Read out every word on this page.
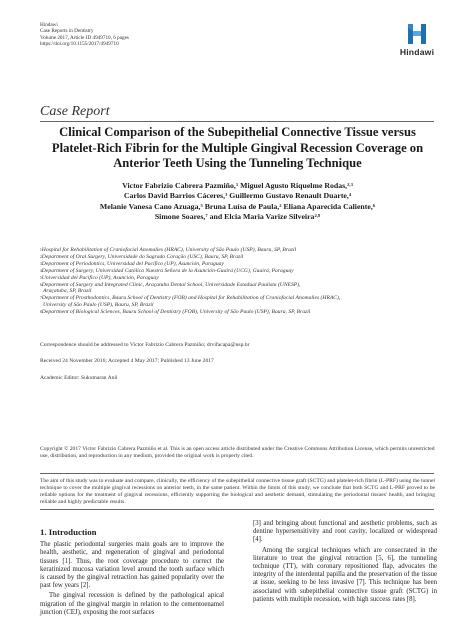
Hindawi
Case Reports in Dentistry
Volume 2017, Article ID 4949710, 6 pages
https://doi.org/10.1155/2017/4949710
Hindawi
Case Report
Clinical Comparison of the Subepithelial Connective Tissue versus Platelet-Rich Fibrin for the Multiple Gingival Recession Coverage on Anterior Teeth Using the Tunneling Technique
Victor Fabrizio Cabrera Pazmiño,$^1$ Miguel Agusto Riquelme Rodas,$^{2,3}$
Carlos David Barrios Cáceres,$^3$ Guillermo Gustavo Renault Duarte,$^4$
Melanie Vanesa Cano Azuaga,$^5$ Bruna Luísa de Paula,$^2$ Eliana Aparecida Caliente,$^6$
Simone Soares,$^7$ and Elcia Maria Varize Silveira$^{2,8}$
$^1$Hospital for Rehabilitation of Craniofacial Anomalies (HRAC), University of São Paulo (USP), Bauru, SP, Brazil
$^2$Department of Oral Surgery, Universidade do Sagrado Coração (USC), Bauru, SP, Brazil
$^3$Department of Periodontics, Universidad del Pacifico (UP), Asunción, Paraguay
$^4$Department of Surgery, Universidad Católica Nuestra Señora de la Asunción-Guairá (UCG), Guairá, Paraguay
$^5$Universidad del Pacifico (UP), Asunción, Paraguay
$^6$Department of Surgery and Integrated Clinic, Araçatuba Dental School, Universidade Estadual Paulista (UNESP),
Araçatuba, SP, Brazil
$^7$Department of Prosthodontics, Bauru School of Dentistry (FOB) and Hospital for Rehabilitation of Craniofacial Anomalies (HRAC),
University of São Paulo (USP), Bauru, SP, Brazil
$^8$Department of Biological Sciences, Bauru School of Dentistry (FOB), University of São Paulo (USP), Bauru, SP, Brazil
Correspondence should be addressed to Victor Fabrizio Cabrera Pazmiño; drvifacapa@usp.br
Received 24 November 2016; Accepted 4 May 2017; Published 13 June 2017
Academic Editor: Sukumaran Anil
Copyright © 2017 Victor Fabrizio Cabrera Pazmiño et al. This is an open access article distributed under the Creative Commons Attribution License, which permits unrestricted use, distribution, and reproduction in any medium, provided the original work is properly cited.
The aim of this study was to evaluate and compare, clinically, the efficiency of the subepithelial connective tissue graft (SCTG) and platelet-rich fibrin (L-PRF) using the tunnel technique to cover the multiple gingival recessions on anterior teeth, in the same patient. Within the limits of this study, we conclude that both SCTG and L-PRF proved to be reliable options for the treatment of gingival recessions, efficiently supporting the biological and aesthetic demand, stimulating the periodontal tissues' health, and bringing reliable and highly predictable results.
1. Introduction

The plastic periodontal surgeries main goals are to improve the health, aesthetic, and regeneration of gingival and periodontal tissues [1]. Thus, the root coverage procedure to correct the keratinized mucosa variation level around the tooth surface which is caused by the gingival retraction has gained popularity over the past few years [2].

The gingival recession is defined by the pathological apical migration of the gingival margin in relation to the cementoenamel junction (CEJ), exposing the root surfaces

[3] and bringing about functional and aesthetic problems, such as dentine hypersensitivity and root cavity, localized or widespread [4].

Among the surgical techniques which are consecrated in the literature to treat the gingival retraction [5, 6], the tunneling technique (TT), with coronary repositioned flap, advocates the integrity of the interdental papilla and the preservation of the tissue at issue, seeking to be less invasive [7]. This technique has been associated with subepithelial connective tissue graft (SCTG) in patients with multiple recession, with high success rates [8].
